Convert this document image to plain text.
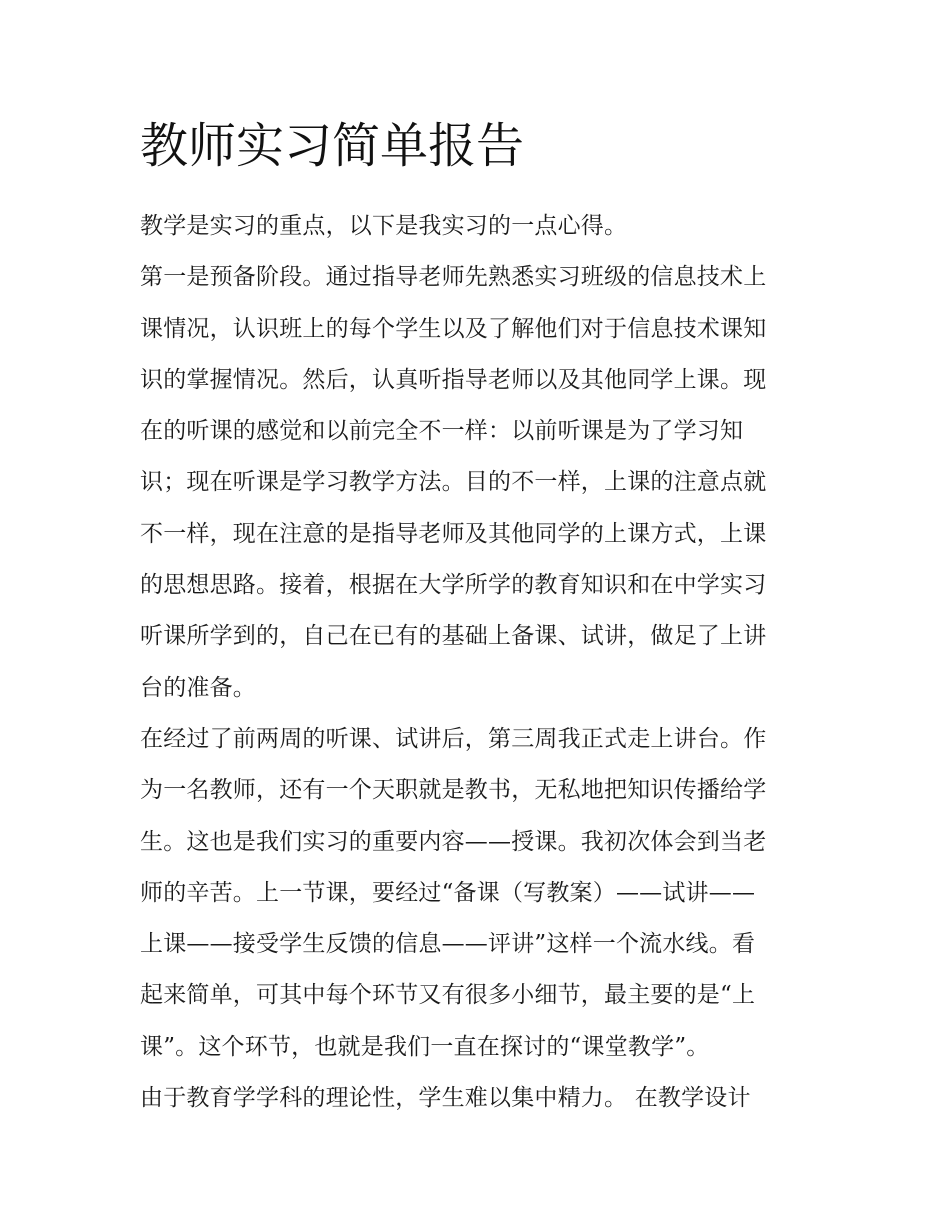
教师实习简单报告

教学是实习的重点，以下是我实习的一点心得。

第一是预备阶段。通过指导老师先熟悉实习班级的信息技术上

课情况，认识班上的每个学生以及了解他们对于信息技术课知

识的掌握情况。然后，认真听指导老师以及其他同学上课。现

在的听课的感觉和以前完全不一样：以前听课是为了学习知

识；现在听课是学习教学方法。目的不一样，上课的注意点就

不一样，现在注意的是指导老师及其他同学的上课方式，上课

的思想思路。接着，根据在大学所学的教育知识和在中学实习

听课所学到的，自己在已有的基础上备课、试讲，做足了上讲

台的准备。

在经过了前两周的听课、试讲后，第三周我正式走上讲台。作

为一名教师，还有一个天职就是教书，无私地把知识传播给学

生。这也是我们实习的重要内容——授课。我初次体会到当老

师的辛苦。上一节课，要经过“备课（写教案）——试讲——

上课——接受学生反馈的信息——评讲”这样一个流水线。看

起来简单，可其中每个环节又有很多小细节，最主要的是“上

课”。这个环节，也就是我们一直在探讨的“课堂教学”。

由于教育学学科的理论性，学生难以集中精力。 在教学设计
